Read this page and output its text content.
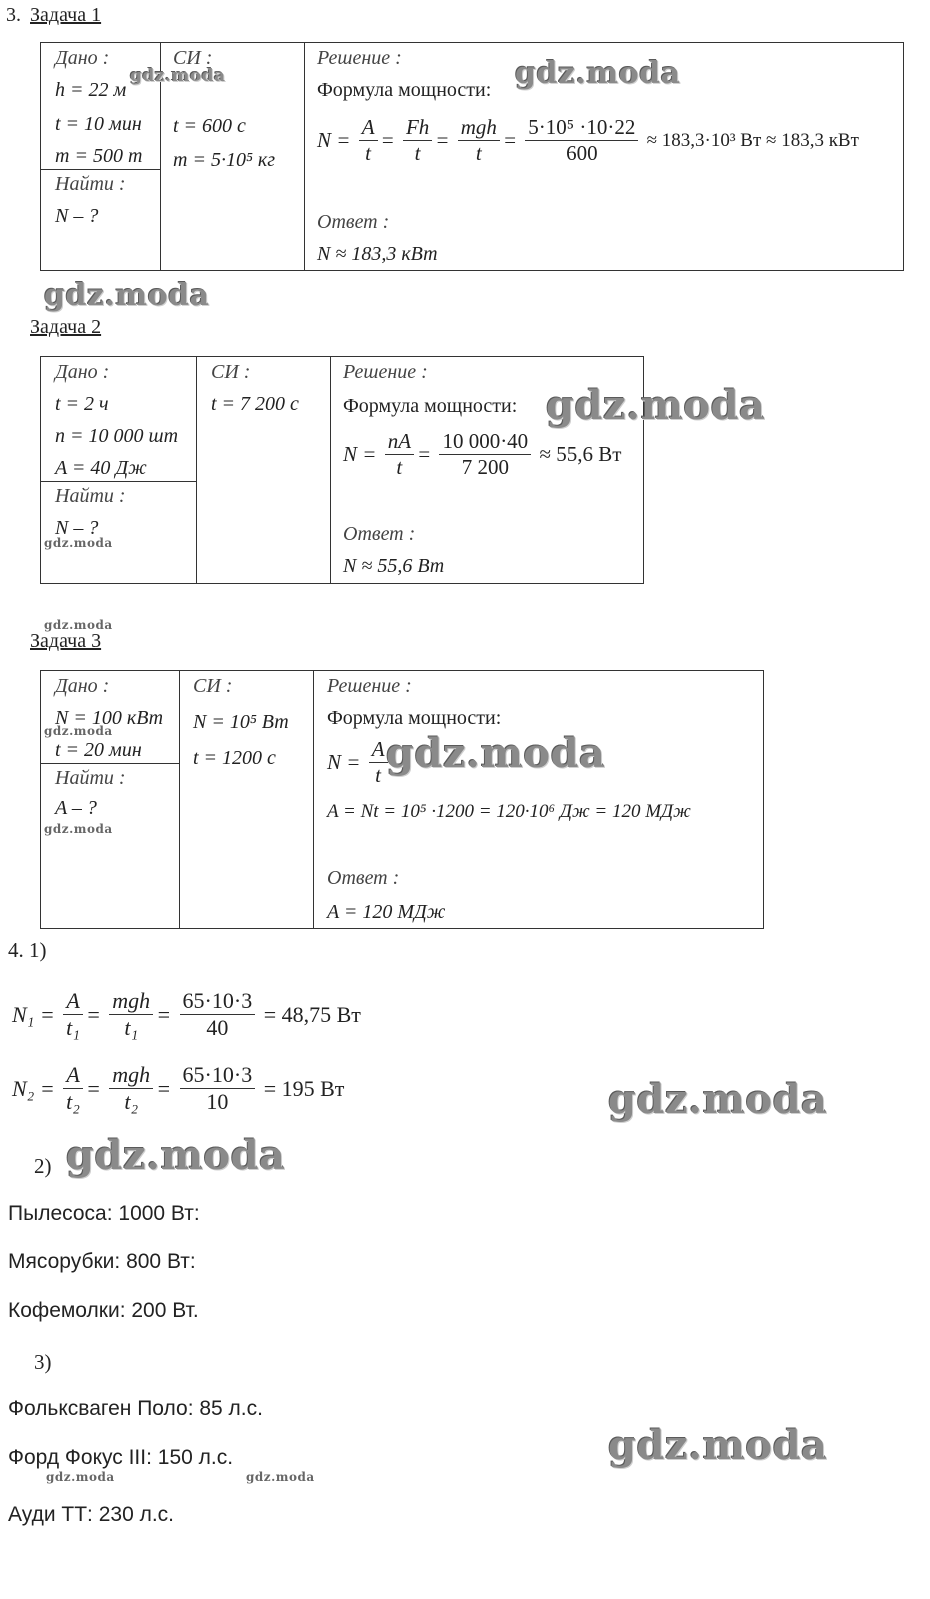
3. Задача 1
Дано :
h = 22 м
t = 10 мин
m = 500 т
Найти :
N – ?
СИ :
t = 600 с
m = 5·10⁵ кг
Решение :
Формула мощности:
$N = \frac{A}{t} = \frac{Fh}{t} = \frac{\text{mgh}}{t} = \frac{\text{5·10⁵ ·10·22}}{600} \approx 183,3\cdot 10^3$ Вт ≈ 183,3 кВт
Ответ :
N ≈ 183,3 кВт
Задача 2
Дано :
t = 2 ч
n = 10 000 шт
A = 40 Дж
Найти :
N – ?
СИ :
t = 7 200 с
Решение :
Формула мощности:
$N = \frac{nA}{t} = \frac{10 000\cdot 40}{7 200} \approx 55,6$ Вт
Ответ :
N ≈ 55,6 Вт
Задача 3
Дано :
N = 100 кВт
t = 20 мин
Найти :
A – ?
СИ :
N = 10⁵ Вт
t = 1200 с
Решение :
Формула мощности:
$N = \frac{A}{t}$
A = Nt = 10⁵ ·1200 = 120·10⁶ Дж = 120 МДж
Ответ :
A = 120 МДж
4. 1)
$N_1 = \frac{A}{\text{t₁}} = \frac{\text{mgh}}{\text{t₁}} = \frac{65\cdot 10\cdot 3}{40} = 48,75$ Вт
$N_2 = \frac{A}{\text{t₂}} = \frac{\text{mgh}}{\text{t₂}} = \frac{65\cdot 10\cdot 3}{10} = 195$ Вт
2)
Пылесоса: 1000 Вт:
Мясорубки: 800 Вт:
Кофемолки: 200 Вт.
3)
Фольксваген Поло: 85 л.с.
Форд Фокус III: 150 л.с.
Ауди ТТ: 230 л.с.
gdz.moda	gdz.moda
gdz.moda
gdz.moda
gdz.moda
gdz.moda
gdz.moda
gdz.moda
gdz.moda
gdz.moda
gdz.moda
gdz.moda
gdz.moda	gdz.moda
